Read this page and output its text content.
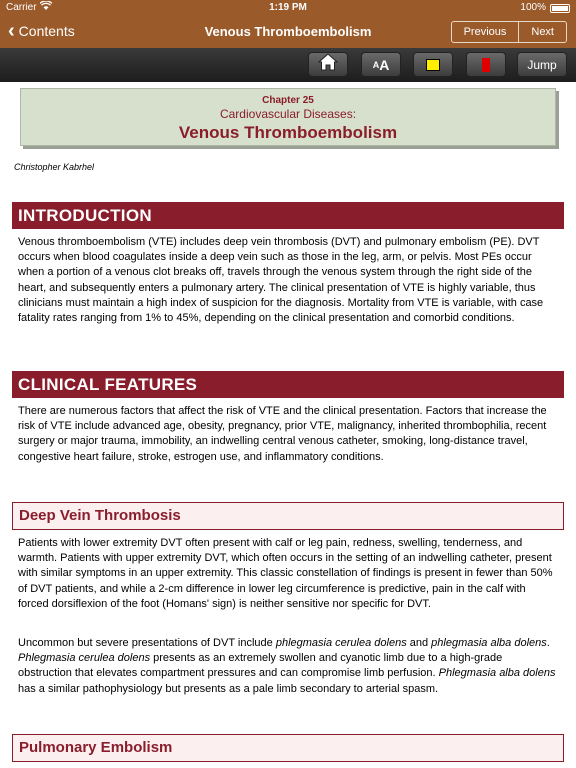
Carrier	1:19 PM	100%
‹ Contents	Venous Thromboembolism	Previous	Next
A A	Jump
Chapter 25
Cardiovascular Diseases:
Venous Thromboembolism
Christopher Kabrhel
INTRODUCTION
Venous thromboembolism (VTE) includes deep vein thrombosis (DVT) and pulmonary embolism (PE). DVT occurs when blood coagulates inside a deep vein such as those in the leg, arm, or pelvis. Most PEs occur when a portion of a venous clot breaks off, travels through the venous system through the right side of the heart, and subsequently enters a pulmonary artery. The clinical presentation of VTE is highly variable, thus clinicians must maintain a high index of suspicion for the diagnosis. Mortality from VTE is variable, with case fatality rates ranging from 1% to 45%, depending on the clinical presentation and comorbid conditions.
CLINICAL FEATURES
There are numerous factors that affect the risk of VTE and the clinical presentation. Factors that increase the risk of VTE include advanced age, obesity, pregnancy, prior VTE, malignancy, inherited thrombophilia, recent surgery or major trauma, immobility, an indwelling central venous catheter, smoking, long-distance travel, congestive heart failure, stroke, estrogen use, and inflammatory conditions.
Deep Vein Thrombosis
Patients with lower extremity DVT often present with calf or leg pain, redness, swelling, tenderness, and warmth. Patients with upper extremity DVT, which often occurs in the setting of an indwelling catheter, present with similar symptoms in an upper extremity. This classic constellation of findings is present in fewer than 50% of DVT patients, and while a 2-cm difference in lower leg circumference is predictive, pain in the calf with forced dorsiflexion of the foot (Homans' sign) is neither sensitive nor specific for DVT.
Uncommon but severe presentations of DVT include phlegmasia cerulea dolens and phlegmasia alba dolens. Phlegmasia cerulea dolens presents as an extremely swollen and cyanotic limb due to a high-grade obstruction that elevates compartment pressures and can compromise limb perfusion. Phlegmasia alba dolens has a similar pathophysiology but presents as a pale limb secondary to arterial spasm.
Pulmonary Embolism
